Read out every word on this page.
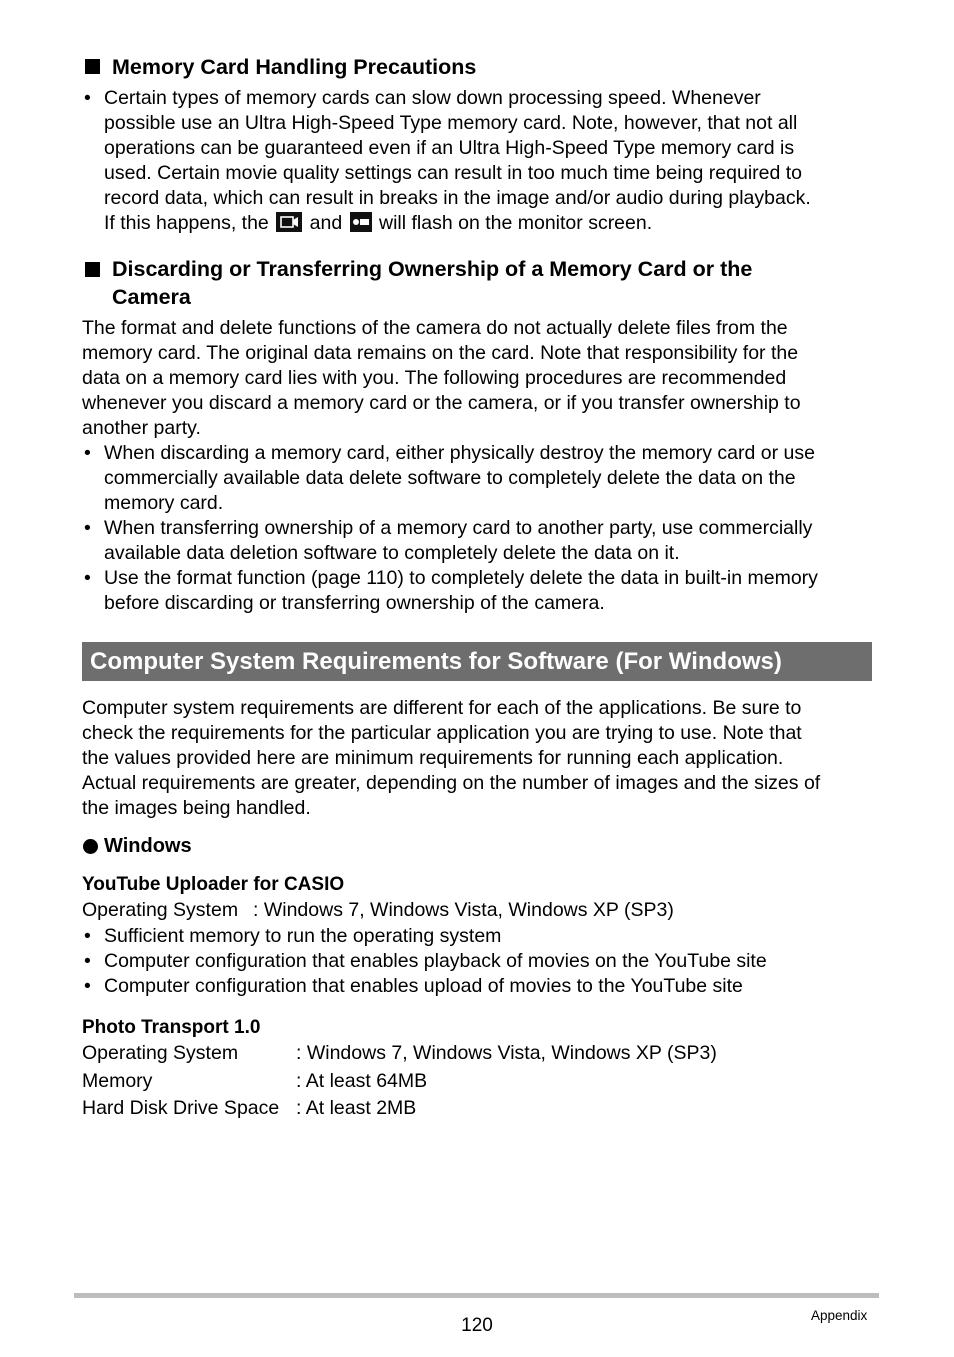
Memory Card Handling Precautions
• Certain types of memory cards can slow down processing speed. Whenever
possible use an Ultra High-Speed Type memory card. Note, however, that not all
operations can be guaranteed even if an Ultra High-Speed Type memory card is
used. Certain movie quality settings can result in too much time being required to
record data, which can result in breaks in the image and/or audio during playback.
If this happens, the and will flash on the monitor screen.
Discarding or Transferring Ownership of a Memory Card or the
Camera
The format and delete functions of the camera do not actually delete files from the
memory card. The original data remains on the card. Note that responsibility for the
data on a memory card lies with you. The following procedures are recommended
whenever you discard a memory card or the camera, or if you transfer ownership to
another party.
• When discarding a memory card, either physically destroy the memory card or use
commercially available data delete software to completely delete the data on the
memory card.
• When transferring ownership of a memory card to another party, use commercially
available data deletion software to completely delete the data on it.
• Use the format function (page 110) to completely delete the data in built-in memory
before discarding or transferring ownership of the camera.
Computer System Requirements for Software (For Windows)
Computer system requirements are different for each of the applications. Be sure to
check the requirements for the particular application you are trying to use. Note that
the values provided here are minimum requirements for running each application.
Actual requirements are greater, depending on the number of images and the sizes of
the images being handled.
Windows
YouTube Uploader for CASIO
Operating System : Windows 7, Windows Vista, Windows XP (SP3)
• Sufficient memory to run the operating system
• Computer configuration that enables playback of movies on the YouTube site
• Computer configuration that enables upload of movies to the YouTube site
Photo Transport 1.0
Operating System	: Windows 7, Windows Vista, Windows XP (SP3)
Memory	: At least 64MB
Hard Disk Drive Space : At least 2MB
120	Appendix
